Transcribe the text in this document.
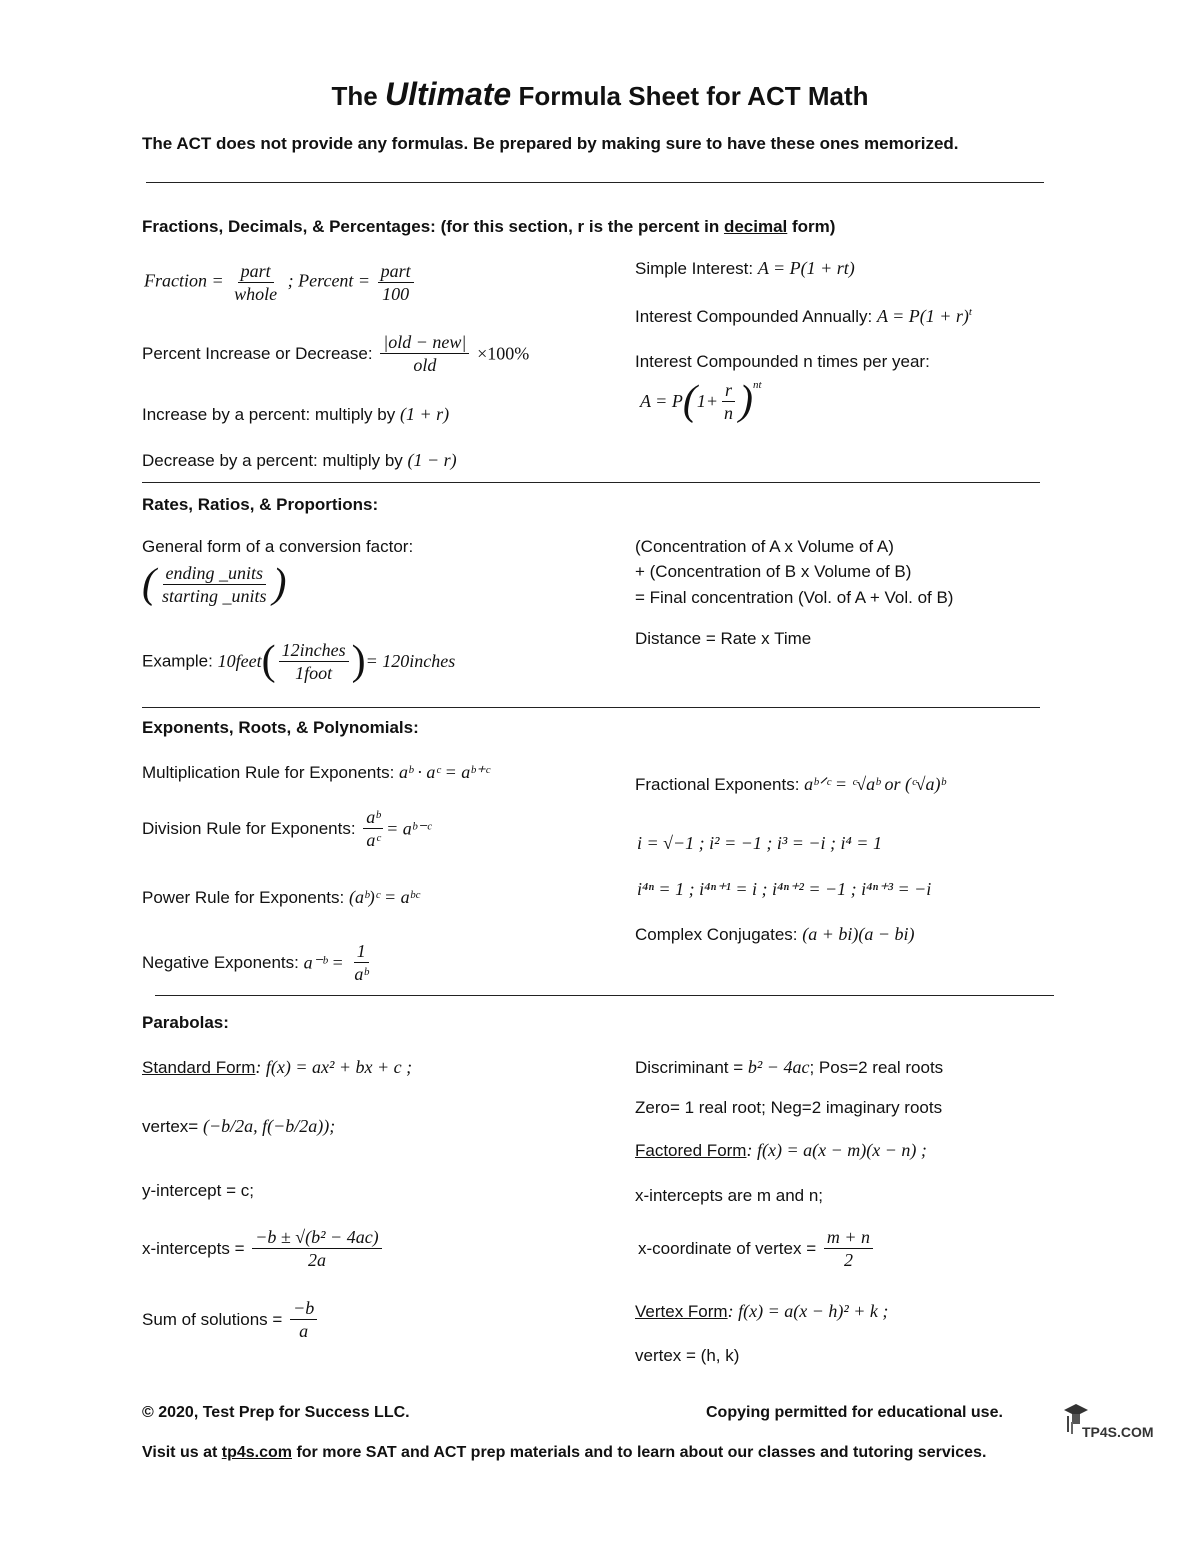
The Ultimate Formula Sheet for ACT Math
The ACT does not provide any formulas. Be prepared by making sure to have these ones memorized.
Fractions, Decimals, & Percentages: (for this section, r is the percent in decimal form)
Fraction = $\frac{\text{part}}{\text{whole}}$ ; Percent = $\frac{\text{part}}{100}$
Percent Increase or Decrease: $\frac{\text{|old − new|}}{\text{old}} \times 100\%$
Increase by a percent: multiply by (1 + r)
Decrease by a percent: multiply by (1 − r)
Simple Interest: A = P(1 + rt)
Interest Compounded Annually: $A = P(1 + r)^t$
Interest Compounded n times per year:
$A = P(1+ \frac{r}{n} )^{nt}$
Rates, Ratios, & Proportions:
General form of a conversion factor:
( $\frac{\text{ending \_units}}{\text{starting \_units}}$ )
Example: 10feet( $\frac{\text{12inches}}{\text{1foot}}$ )= 120inches
(Concentration of A x Volume of A)
+ (Concentration of B x Volume of B)
= Final concentration (Vol. of A + Vol. of B)
Distance = Rate x Time
Exponents, Roots, & Polynomials:
Multiplication Rule for Exponents: aᵇ · aᶜ = aᵇ⁺ᶜ
Division Rule for Exponents: $\frac{\text{aᵇ}}{\text{aᶜ}}$ = aᵇ⁻ᶜ
Power Rule for Exponents: (aᵇ)ᶜ = aᵇᶜ
Negative Exponents: a⁻ᵇ = $\frac{1}{\text{aᵇ}}$
Fractional Exponents: aᵇᐟᶜ = ᶜ√aᵇ or (ᶜ√a)ᵇ
i = √−1 ; i² = −1 ; i³ = −i ; i⁴ = 1
i⁴ⁿ = 1 ; i⁴ⁿ⁺¹ = i ; i⁴ⁿ⁺² = −1 ; i⁴ⁿ⁺³ = −i
Complex Conjugates: (a + bi)(a − bi)
Parabolas:
Standard Form: f(x) = ax² + bx + c ;
vertex= (−b/2a, f(−b/2a));
y-intercept = c;
x-intercepts = $\frac{\text{−b ± √(b² − 4ac)}}{2a}$
Sum of solutions = $\frac{-b}{a}$
Discriminant = b² − 4ac; Pos=2 real roots
Zero= 1 real root; Neg=2 imaginary roots
Factored Form: f(x) = a(x − m)(x − n) ;
x-intercepts are m and n;
x-coordinate of vertex = $\frac{m + n}{2}$
Vertex Form: f(x) = a(x − h)² + k ;
vertex = (h, k)
© 2020, Test Prep for Success LLC.	Copying permitted for educational use.
Visit us at tp4s.com for more SAT and ACT prep materials and to learn about our classes and tutoring services.
TP4S.COM
